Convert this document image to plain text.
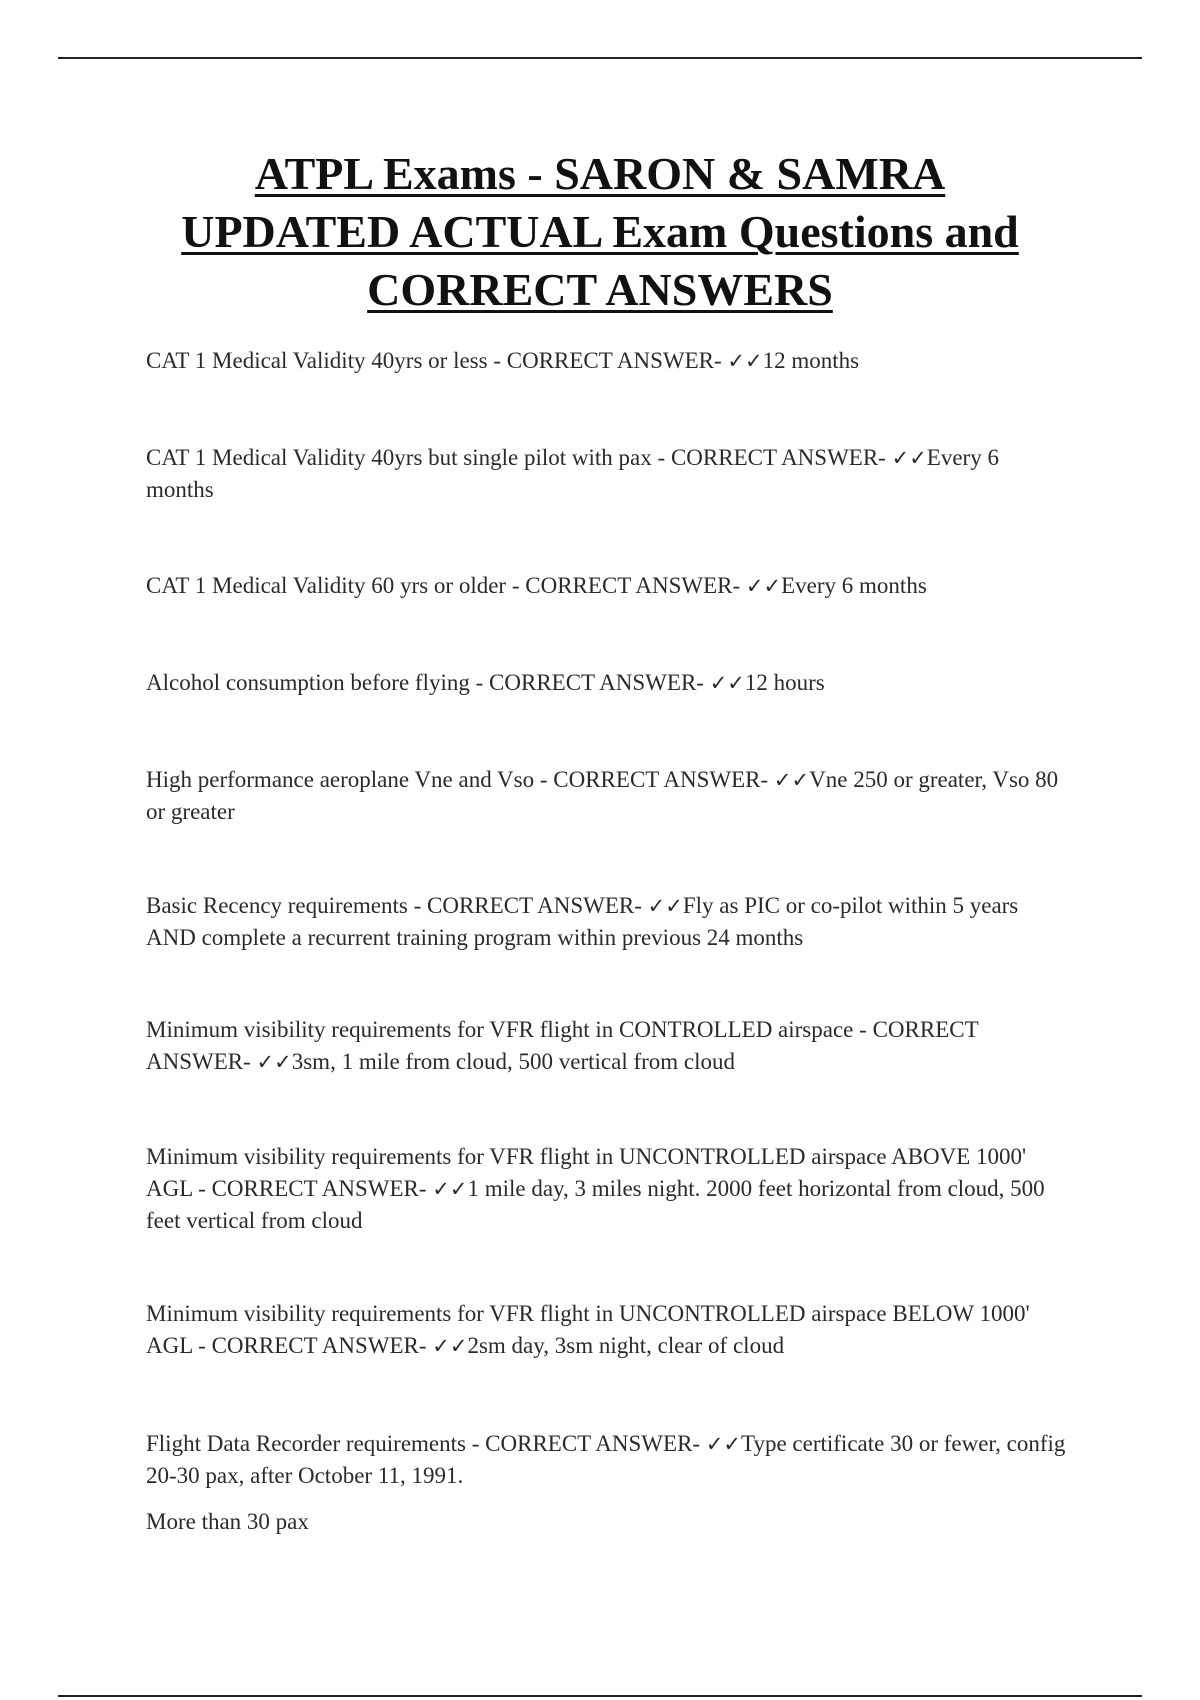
ATPL Exams - SARON & SAMRA
UPDATED ACTUAL Exam Questions and
CORRECT ANSWERS

CAT 1 Medical Validity 40yrs or less - CORRECT ANSWER- ✓✓12 months

CAT 1 Medical Validity 40yrs but single pilot with pax - CORRECT ANSWER- ✓✓Every 6 months

CAT 1 Medical Validity 60 yrs or older - CORRECT ANSWER- ✓✓Every 6 months

Alcohol consumption before flying - CORRECT ANSWER- ✓✓12 hours

High performance aeroplane Vne and Vso - CORRECT ANSWER- ✓✓Vne 250 or greater, Vso 80 or greater

Basic Recency requirements - CORRECT ANSWER- ✓✓Fly as PIC or co-pilot within 5 years AND complete a recurrent training program within previous 24 months

Minimum visibility requirements for VFR flight in CONTROLLED airspace - CORRECT ANSWER- ✓✓3sm, 1 mile from cloud, 500 vertical from cloud

Minimum visibility requirements for VFR flight in UNCONTROLLED airspace ABOVE 1000' AGL - CORRECT ANSWER- ✓✓1 mile day, 3 miles night. 2000 feet horizontal from cloud, 500 feet vertical from cloud

Minimum visibility requirements for VFR flight in UNCONTROLLED airspace BELOW 1000' AGL - CORRECT ANSWER- ✓✓2sm day, 3sm night, clear of cloud

Flight Data Recorder requirements - CORRECT ANSWER- ✓✓Type certificate 30 or fewer, config 20-30 pax, after October 11, 1991.

More than 30 pax
